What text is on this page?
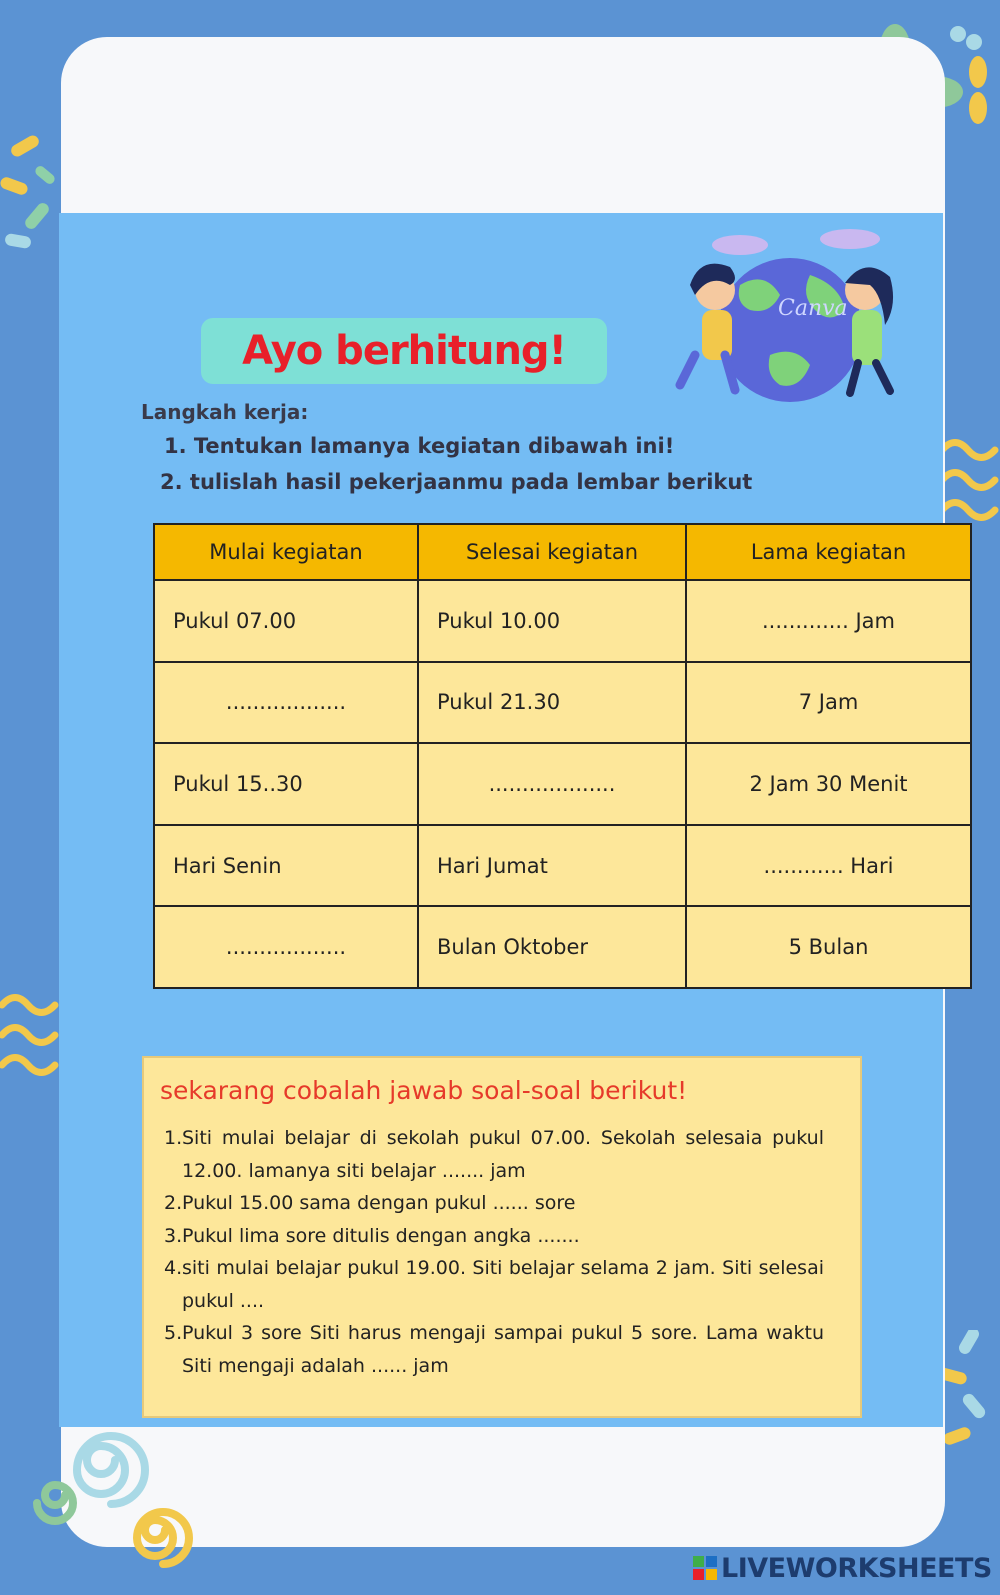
Canva
Ayo berhitung!
Langkah kerja:
1. Tentukan lamanya kegiatan dibawah ini!
2. tulislah hasil pekerjaanmu pada lembar berikut
Mulai kegiatan	Selesai kegiatan	Lama kegiatan
Pukul 07.00	Pukul 10.00	............. Jam
..................	Pukul 21.30	7 Jam
Pukul 15..30	...................	2 Jam 30 Menit
Hari Senin	Hari Jumat	............ Hari
..................	Bulan Oktober	5 Bulan
sekarang cobalah jawab soal-soal berikut!
1. Siti mulai belajar di sekolah pukul 07.00. Sekolah selesaia pukul 12.00. lamanya siti belajar ....... jam
2. Pukul 15.00 sama dengan pukul ...... sore
3. Pukul lima sore ditulis dengan angka .......
4. siti mulai belajar pukul 19.00. Siti belajar selama 2 jam. Siti selesai pukul ....
5. Pukul 3 sore Siti harus mengaji sampai pukul 5 sore. Lama waktu Siti mengaji adalah ...... jam
LIVEWORKSHEETS
